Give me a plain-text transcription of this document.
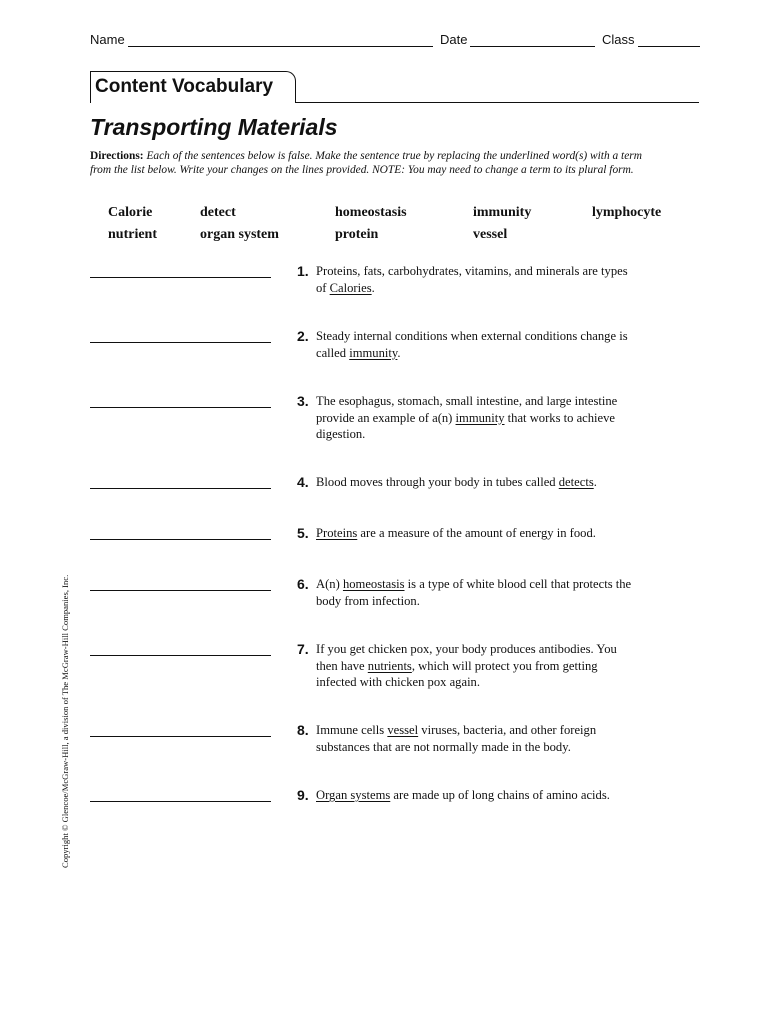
Name	Date	Class
Content Vocabulary
Transporting Materials
Directions: Each of the sentences below is false. Make the sentence true by replacing the underlined word(s) with a term from the list below. Write your changes on the lines provided. NOTE: You may need to change a term to its plural form.
Calorie	detect	homeostasis	immunity	lymphocyte
nutrient	organ system	protein	vessel
1. Proteins, fats, carbohydrates, vitamins, and minerals are types of Calories.
2. Steady internal conditions when external conditions change is called immunity.
3. The esophagus, stomach, small intestine, and large intestine provide an example of a(n) immunity that works to achieve digestion.
4. Blood moves through your body in tubes called detects.
5. Proteins are a measure of the amount of energy in food.
6. A(n) homeostasis is a type of white blood cell that protects the body from infection.
7. If you get chicken pox, your body produces antibodies. You then have nutrients, which will protect you from getting infected with chicken pox again.
8. Immune cells vessel viruses, bacteria, and other foreign substances that are not normally made in the body.
9. Organ systems are made up of long chains of amino acids.
Copyright © Glencoe/McGraw-Hill, a division of The McGraw-Hill Companies, Inc.
